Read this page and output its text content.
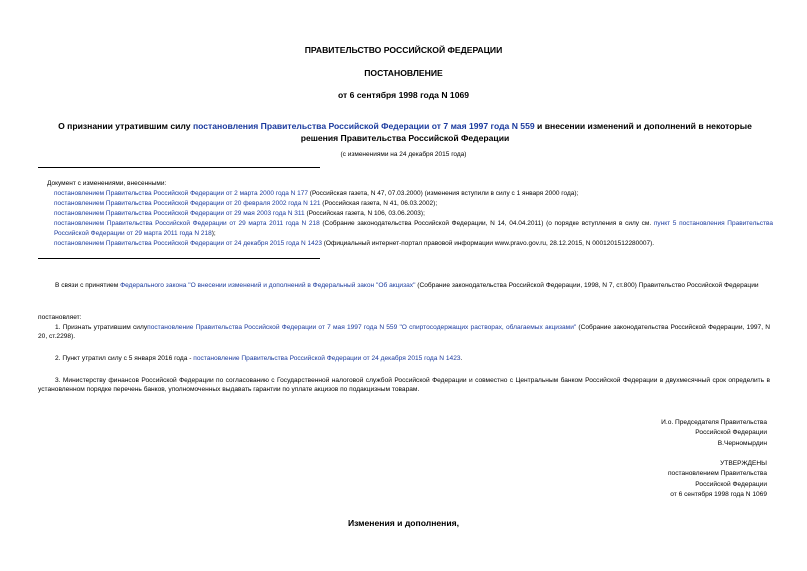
ПРАВИТЕЛЬСТВО РОССИЙСКОЙ ФЕДЕРАЦИИ
ПОСТАНОВЛЕНИЕ
от 6 сентября 1998 года N 1069
О признании утратившим силу постановления Правительства Российской Федерации от 7 мая 1997 года N 559 и внесении изменений и дополнений в некоторые решения Правительства Российской Федерации
(с изменениями на 24 декабря 2015 года)
Документ с изменениями, внесенными:
постановлением Правительства Российской Федерации от 2 марта 2000 года N 177 (Российская газета, N 47, 07.03.2000) (изменения вступили в силу с 1 января 2000 года);
постановлением Правительства Российской Федерации от 20 февраля 2002 года N 121 (Российская газета, N 41, 06.03.2002);
постановлением Правительства Российской Федерации от 29 мая 2003 года N 311 (Российская газета, N 106, 03.06.2003);
постановлением Правительства Российской Федерации от 29 марта 2011 года N 218 (Собрание законодательства Российской Федерации, N 14, 04.04.2011) (о порядке вступления в силу см. пункт 5 постановления Правительства Российской Федерации от 29 марта 2011 года N 218);
постановлением Правительства Российской Федерации от 24 декабря 2015 года N 1423 (Официальный интернет-портал правовой информации www.pravo.gov.ru, 28.12.2015, N 0001201512280007).
В связи с принятием Федерального закона "О внесении изменений и дополнений в Федеральный закон "Об акцизах" (Собрание законодательства Российской Федерации, 1998, N 7, ст.800) Правительство Российской Федерации
постановляет:
1. Признать утратившим силупостановление Правительства Российской Федерации от 7 мая 1997 года N 559 "О спиртосодержащих растворах, облагаемых акцизами" (Собрание законодательства Российской Федерации, 1997, N 20, ст.2298).
2. Пункт утратил силу с 5 января 2016 года - постановление Правительства Российской Федерации от 24 декабря 2015 года N 1423.
3. Министерству финансов Российской Федерации по согласованию с Государственной налоговой службой Российской Федерации и совместно с Центральным банком Российской Федерации в двухмесячный срок определить в установленном порядке перечень банков, уполномоченных выдавать гарантии по уплате акцизов по подакцизным товарам.
И.о. Председателя Правительства
Российской Федерации
В.Черномырдин
УТВЕРЖДЕНЫ
постановлением Правительства
Российской Федерации
от 6 сентября 1998 года N 1069
Изменения и дополнения,
